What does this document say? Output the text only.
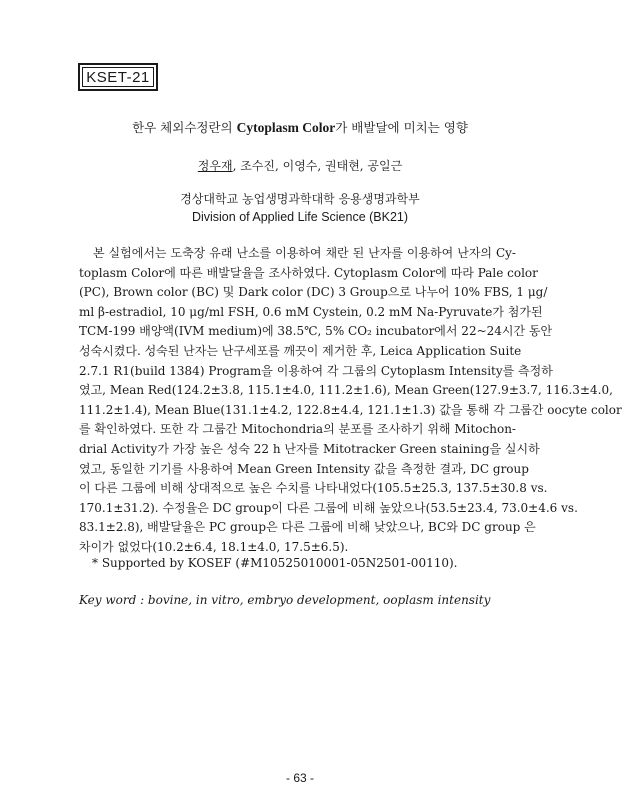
KSET-21
한우 체외수정란의 Cytoplasm Color가 배발달에 미치는 영향
정우재, 조수진, 이영수, 권태현, 공일근
경상대학교 농업생명과학대학 응용생명과학부
Division of Applied Life Science (BK21)
본 실험에서는 도축장 유래 난소를 이용하여 채란 된 난자를 이용하여 난자의 Cy-
toplasm Color에 따른 배발달율을 조사하였다. Cytoplasm Color에 따라 Pale color
(PC), Brown color (BC) 및 Dark color (DC) 3 Group으로 나누어 10% FBS, 1 μg/
ml β-estradiol, 10 μg/ml FSH, 0.6 mM Cystein, 0.2 mM Na-Pyruvate가 첨가된
TCM-199 배양액(IVM medium)에 38.5℃, 5% CO₂ incubator에서 22~24시간 동안
성숙시켰다. 성숙된 난자는 난구세포를 깨끗이 제거한 후, Leica Application Suite
2.7.1 R1(build 1384) Program을 이용하여 각 그룹의 Cytoplasm Intensity를 측정하
였고, Mean Red(124.2±3.8, 115.1±4.0, 111.2±1.6), Mean Green(127.9±3.7, 116.3±4.0,
111.2±1.4), Mean Blue(131.1±4.2, 122.8±4.4, 121.1±1.3) 값을 통해 각 그룹간 oocyte color
를 확인하였다. 또한 각 그룹간 Mitochondria의 분포를 조사하기 위해 Mitochon-
drial Activity가 가장 높은 성숙 22 h 난자를 Mitotracker Green staining을 실시하
였고, 동일한 기기를 사용하여 Mean Green Intensity 값을 측정한 결과, DC group
이 다른 그룹에 비해 상대적으로 높은 수치를 나타내었다(105.5±25.3, 137.5±30.8 vs.
170.1±31.2). 수정율은 DC group이 다른 그룹에 비해 높았으나(53.5±23.4, 73.0±4.6 vs.
83.1±2.8), 배발달율은 PC group은 다른 그룹에 비해 낮았으나, BC와 DC group 은
차이가 없었다(10.2±6.4, 18.1±4.0, 17.5±6.5).
* Supported by KOSEF (#M10525010001-05N2501-00110).
Key word : bovine, in vitro, embryo development, ooplasm intensity
- 63 -
